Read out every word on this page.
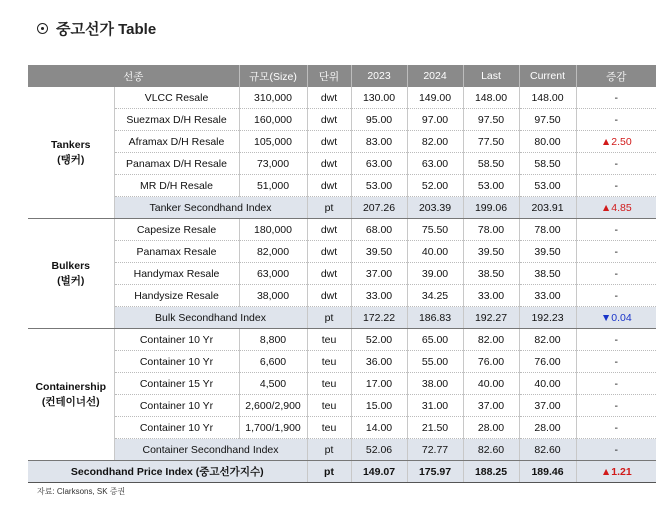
중고선가 Table
선종		규모(Size)	단위	2023	2024	Last	Current	증감
Tankers
(탱커)	VLCC Resale	310,000	dwt	130.00	149.00	148.00	148.00	-
	Suezmax D/H Resale	160,000	dwt	95.00	97.00	97.50	97.50	-
	Aframax D/H Resale	105,000	dwt	83.00	82.00	77.50	80.00	▲2.50
	Panamax D/H Resale	73,000	dwt	63.00	63.00	58.50	58.50	-
	MR D/H Resale	51,000	dwt	53.00	52.00	53.00	53.00	-
	Tanker Secondhand Index		pt	207.26	203.39	199.06	203.91	▲4.85
Bulkers
(벌커)	Capesize Resale	180,000	dwt	68.00	75.50	78.00	78.00	-
	Panamax Resale	82,000	dwt	39.50	40.00	39.50	39.50	-
	Handymax Resale	63,000	dwt	37.00	39.00	38.50	38.50	-
	Handysize Resale	38,000	dwt	33.00	34.25	33.00	33.00	-
	Bulk Secondhand Index		pt	172.22	186.83	192.27	192.23	▼0.04
Containership
(컨테이너선)	Container 10 Yr	8,800	teu	52.00	65.00	82.00	82.00	-
	Container 10 Yr	6,600	teu	36.00	55.00	76.00	76.00	-
	Container 15 Yr	4,500	teu	17.00	38.00	40.00	40.00	-
	Container 10 Yr	2,600/2,900	teu	15.00	31.00	37.00	37.00	-
	Container 10 Yr	1,700/1,900	teu	14.00	21.50	28.00	28.00	-
	Container Secondhand Index		pt	52.06	72.77	82.60	82.60	-
Secondhand Price Index (중고선가지수)			pt	149.07	175.97	188.25	189.46	▲1.21
자료: Clarksons, SK 증권
